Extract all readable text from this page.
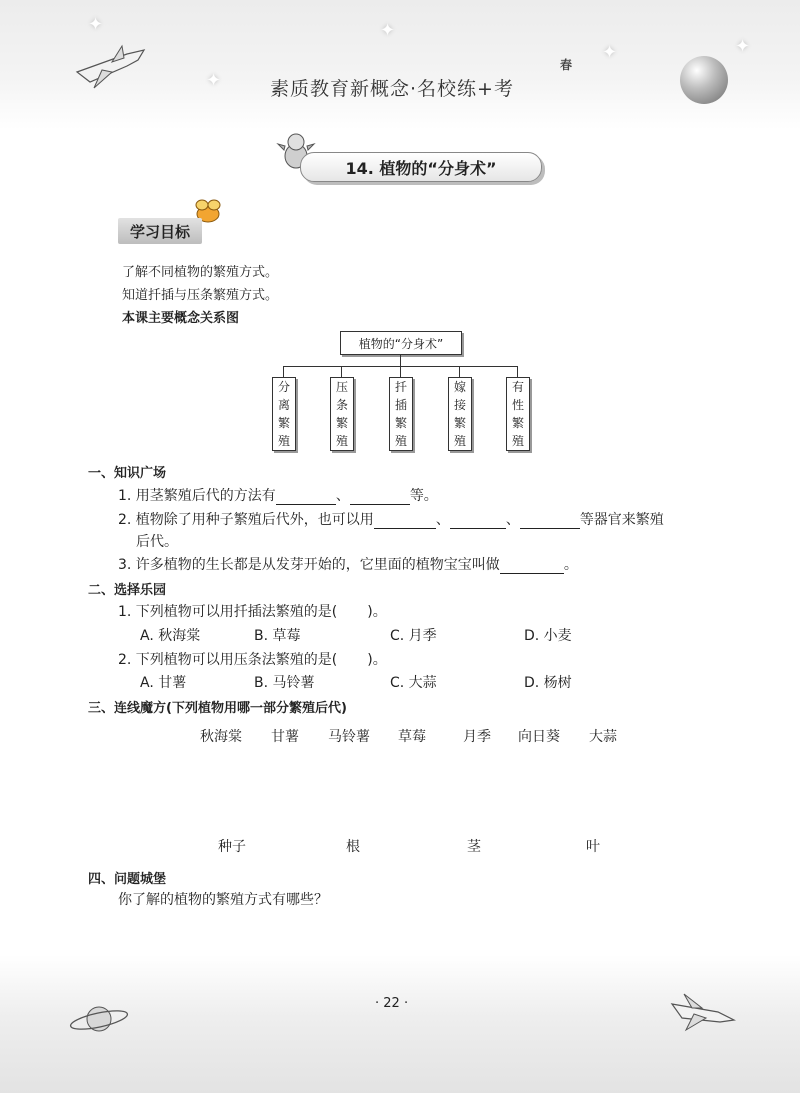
✦	✦
✦
✦	✦
素质教育新概念·名校练+考
春
14. 植物的“分身术”
学习目标
了解不同植物的繁殖方式。
知道扦插与压条繁殖方式。
本课主要概念关系图
植物的“分身术”
分离繁殖
压条繁殖
扦插繁殖
嫁接繁殖
有性繁殖
一、知识广场
1. 用茎繁殖后代的方法有	、	等。
2. 植物除了用种子繁殖后代外，也可以用	、	、	等器官来繁殖
后代。
3. 许多植物的生长都是从发芽开始的，它里面的植物宝宝叫做	。
二、选择乐园
1. 下列植物可以用扦插法繁殖的是( )。
A. 秋海棠	B. 草莓	C. 月季	D. 小麦
2. 下列植物可以用压条法繁殖的是( )。
A. 甘薯	B. 马铃薯	C. 大蒜	D. 杨树
三、连线魔方(下列植物用哪一部分繁殖后代)
秋海棠 甘薯 马铃薯 草莓	月季 向日葵 大蒜
种子	根	茎	叶
四、问题城堡
你了解的植物的繁殖方式有哪些？
· 22 ·
